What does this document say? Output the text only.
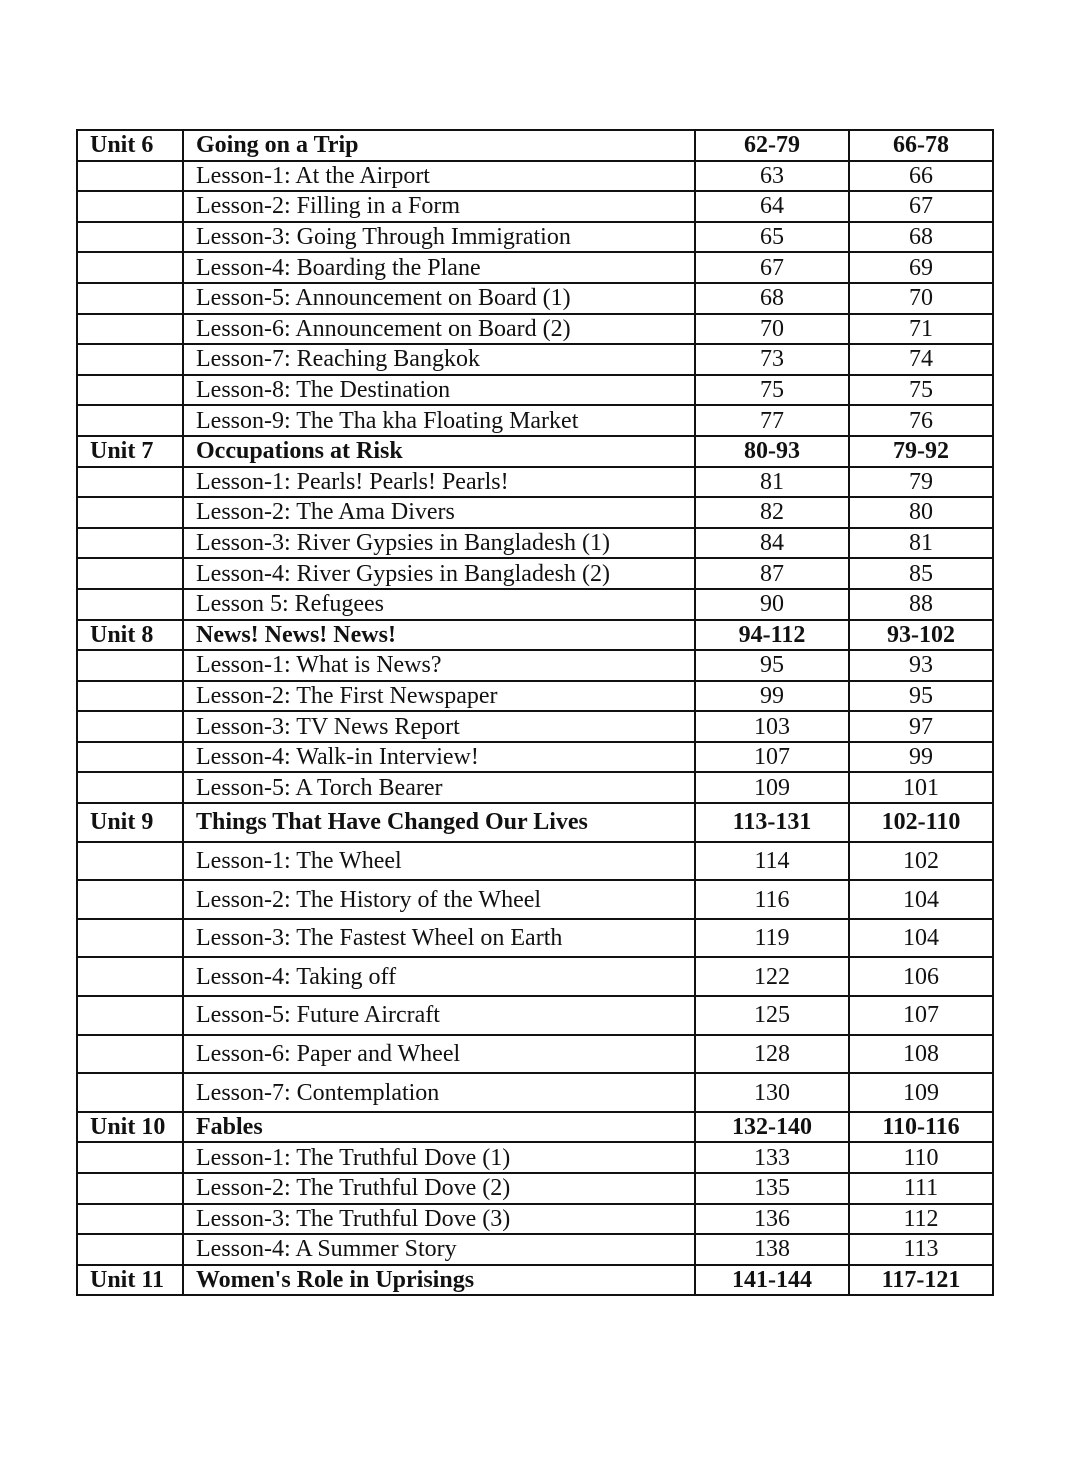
Unit 6	Going on a Trip	62-79	66-78
	Lesson-1: At the Airport	63	66
	Lesson-2: Filling in a Form	64	67
	Lesson-3: Going Through Immigration	65	68
	Lesson-4: Boarding the Plane	67	69
	Lesson-5: Announcement on Board (1)	68	70
	Lesson-6: Announcement on Board (2)	70	71
	Lesson-7: Reaching Bangkok	73	74
	Lesson-8: The Destination	75	75
	Lesson-9: The Tha kha Floating Market	77	76
Unit 7	Occupations at Risk	80-93	79-92
	Lesson-1: Pearls! Pearls! Pearls!	81	79
	Lesson-2: The Ama Divers	82	80
	Lesson-3: River Gypsies in Bangladesh (1)	84	81
	Lesson-4: River Gypsies in Bangladesh (2)	87	85
	Lesson 5: Refugees	90	88
Unit 8	News! News! News!	94-112	93-102
	Lesson-1: What is News?	95	93
	Lesson-2: The First Newspaper	99	95
	Lesson-3: TV News Report	103	97
	Lesson-4: Walk-in Interview!	107	99
	Lesson-5: A Torch Bearer	109	101
Unit 9	Things That Have Changed Our Lives	113-131	102-110
	Lesson-1: The Wheel	114	102
	Lesson-2: The History of the Wheel	116	104
	Lesson-3: The Fastest Wheel on Earth	119	104
	Lesson-4: Taking off	122	106
	Lesson-5: Future Aircraft	125	107
	Lesson-6: Paper and Wheel	128	108
	Lesson-7: Contemplation	130	109
Unit 10	Fables	132-140	110-116
	Lesson-1: The Truthful Dove (1)	133	110
	Lesson-2: The Truthful Dove (2)	135	111
	Lesson-3: The Truthful Dove (3)	136	112
	Lesson-4: A Summer Story	138	113
Unit 11	Women's Role in Uprisings	141-144	117-121
